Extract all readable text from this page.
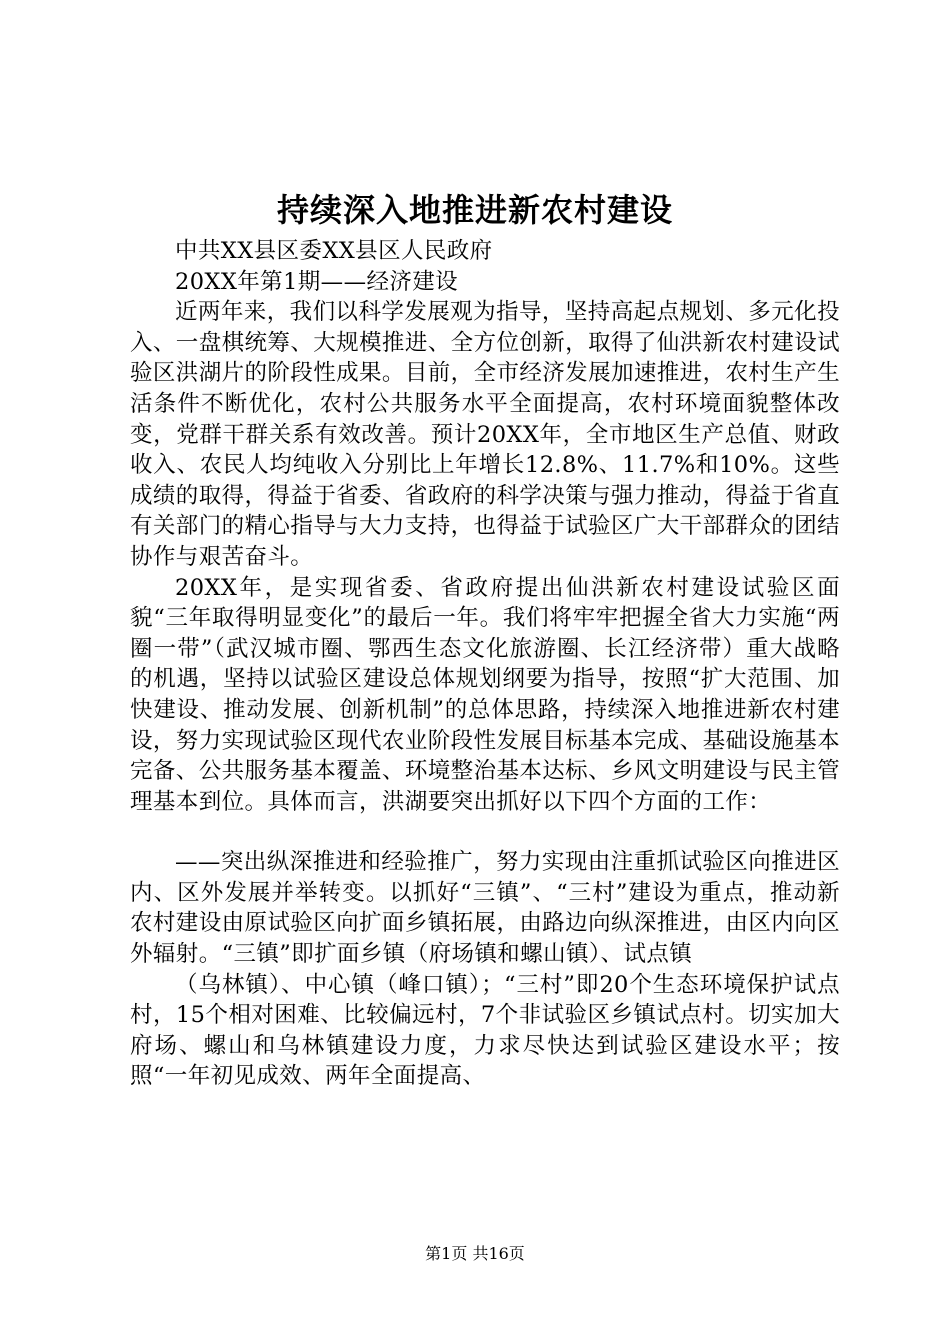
持续深入地推进新农村建设

中共XX县区委XX县区人民政府

20XX年第1期——经济建设

近两年来，我们以科学发展观为指导，坚持高起点规划、多元化投入、一盘棋统筹、大规模推进、全方位创新，取得了仙洪新农村建设试验区洪湖片的阶段性成果。目前，全市经济发展加速推进，农村生产生活条件不断优化，农村公共服务水平全面提高，农村环境面貌整体改变，党群干群关系有效改善。预计20XX年，全市地区生产总值、财政收入、农民人均纯收入分别比上年增长12.8%、11.7%和10%。这些成绩的取得，得益于省委、省政府的科学决策与强力推动，得益于省直有关部门的精心指导与大力支持，也得益于试验区广大干部群众的团结协作与艰苦奋斗。

20XX年，是实现省委、省政府提出仙洪新农村建设试验区面貌“三年取得明显变化”的最后一年。我们将牢牢把握全省大力实施“两圈一带”（武汉城市圈、鄂西生态文化旅游圈、长江经济带）重大战略的机遇，坚持以试验区建设总体规划纲要为指导，按照“扩大范围、加快建设、推动发展、创新机制”的总体思路，持续深入地推进新农村建设，努力实现试验区现代农业阶段性发展目标基本完成、基础设施基本完备、公共服务基本覆盖、环境整治基本达标、乡风文明建设与民主管理基本到位。具体而言，洪湖要突出抓好以下四个方面的工作：

——突出纵深推进和经验推广，努力实现由注重抓试验区向推进区内、区外发展并举转变。以抓好“三镇”、“三村”建设为重点，推动新农村建设由原试验区向扩面乡镇拓展，由路边向纵深推进，由区内向区外辐射。“三镇”即扩面乡镇（府场镇和螺山镇）、试点镇

（乌林镇）、中心镇（峰口镇）；“三村”即20个生态环境保护试点村，15个相对困难、比较偏远村，7个非试验区乡镇试点村。切实加大府场、螺山和乌林镇建设力度，力求尽快达到试验区建设水平；按照“一年初见成效、两年全面提高、

第1页 共16页
